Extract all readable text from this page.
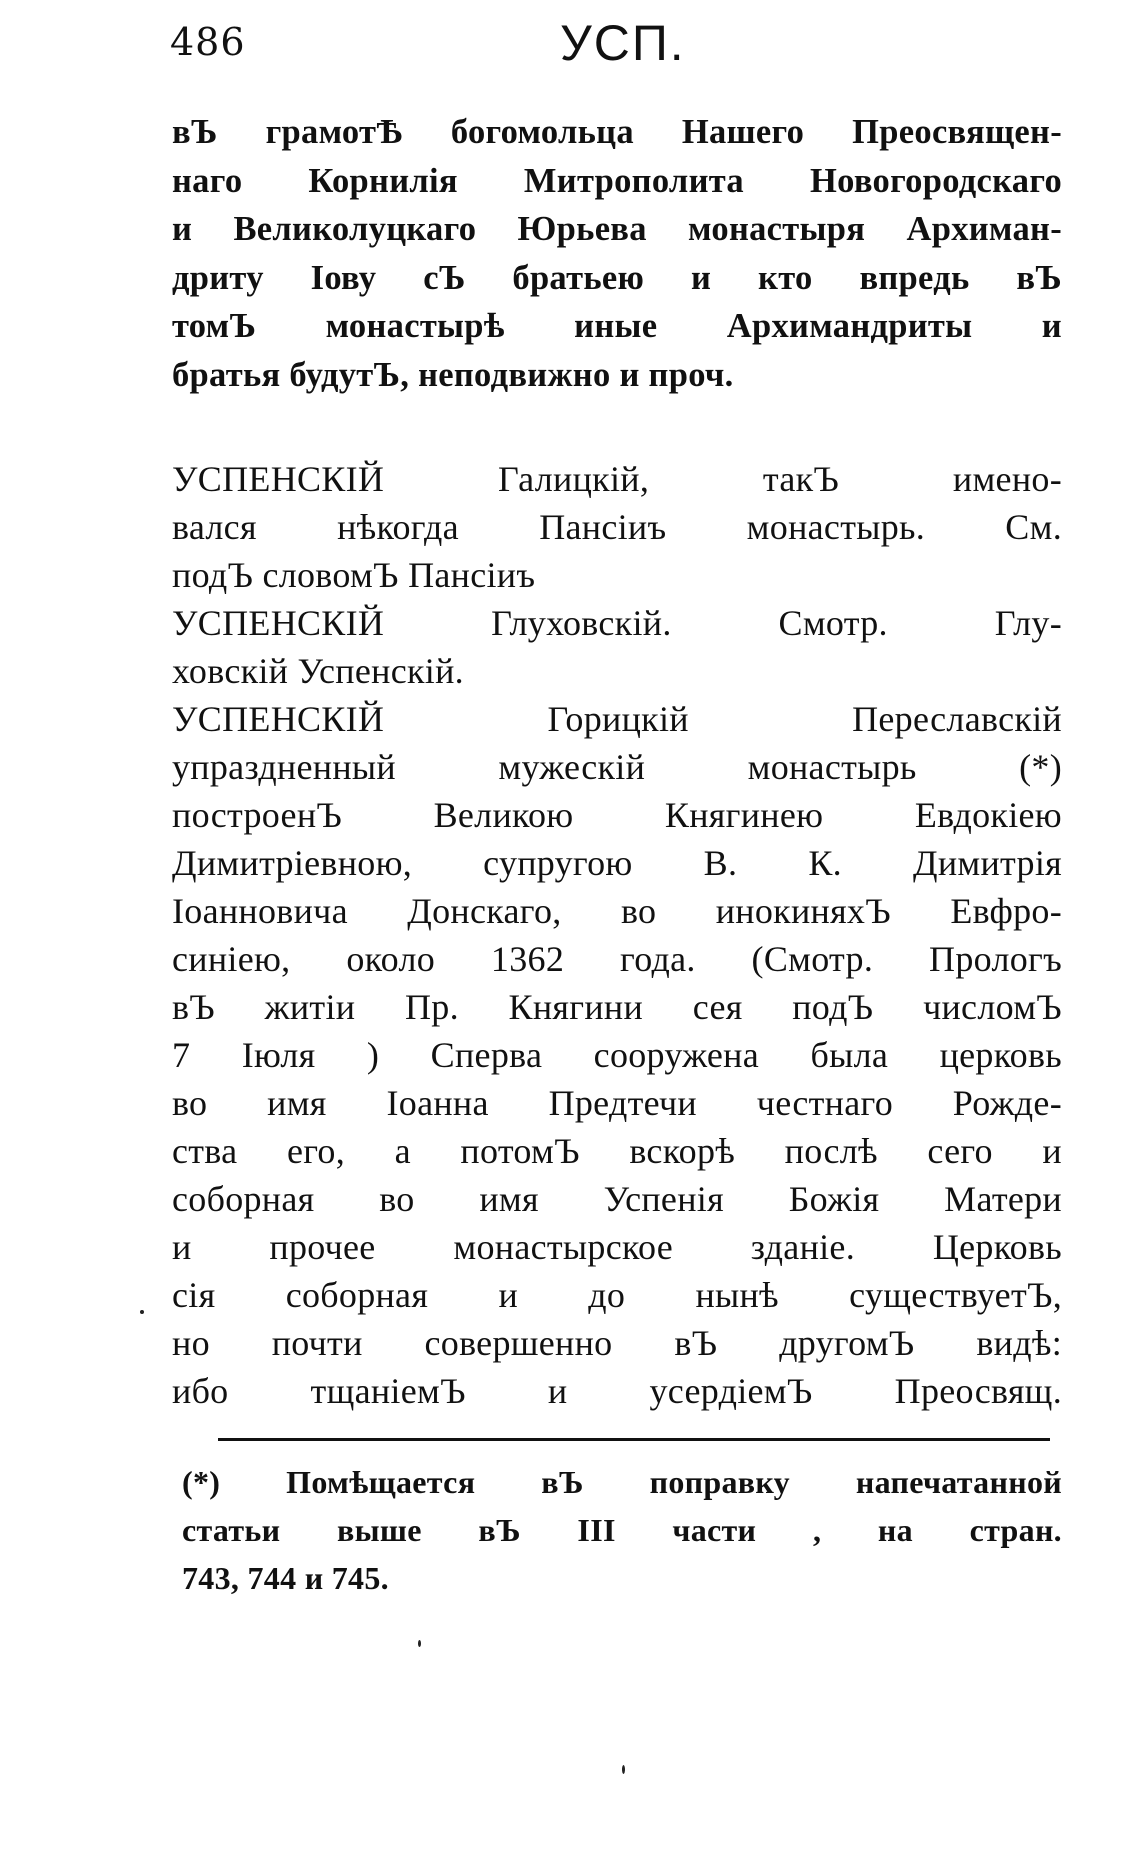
486	УСП.
вЪ грамотѢ богомольца Нашего Преосвящен-
наго Корнилія Митрополита Новогородскаго
и Великолуцкаго Юрьева монастыря Архиман-
дриту Іову сЪ братьею и кто впредь вЪ
томЪ монастырѣ иные Архимандриты и
братья будутЪ, неподвижно и проч.
УСПЕНСКІЙ Галицкій, такЪ имено-
вался нѣкогда Пансіиъ монастырь. См.
подЪ словомЪ Пансіиъ
УСПЕНСКІЙ Глуховскій. Смотр. Глу-
ховскій Успенскій.
УСПЕНСКІЙ Горицкій Переславскій
упраздненный мужескій монастырь (*)
построенЪ Великою Княгинею Евдокіею
Димитріевною, супругою В. К. Димитрія
Іоанновича Донскаго, во инокиняхЪ Евфро-
синіею, около 1362 года. (Смотр. Прологъ
вЪ житіи Пр. Княгини сея подЪ числомЪ
7 Іюля ) Сперва сооружена была церковь
во имя Іоанна Предтечи честнаго Рожде-
ства его, а потомЪ вскорѣ послѣ сего и
соборная во имя Успенія Божія Матери
и прочее монастырское зданіе. Церковь
сія соборная и до нынѣ существуетЪ,
но почти совершенно вЪ другомЪ видѣ:
ибо тщаніемЪ и усердіемЪ Преосвящ.
(*) Помѣщается вЪ поправку напечатанной
статьи выше вЪ III части , на стран.
743, 744 и 745.
